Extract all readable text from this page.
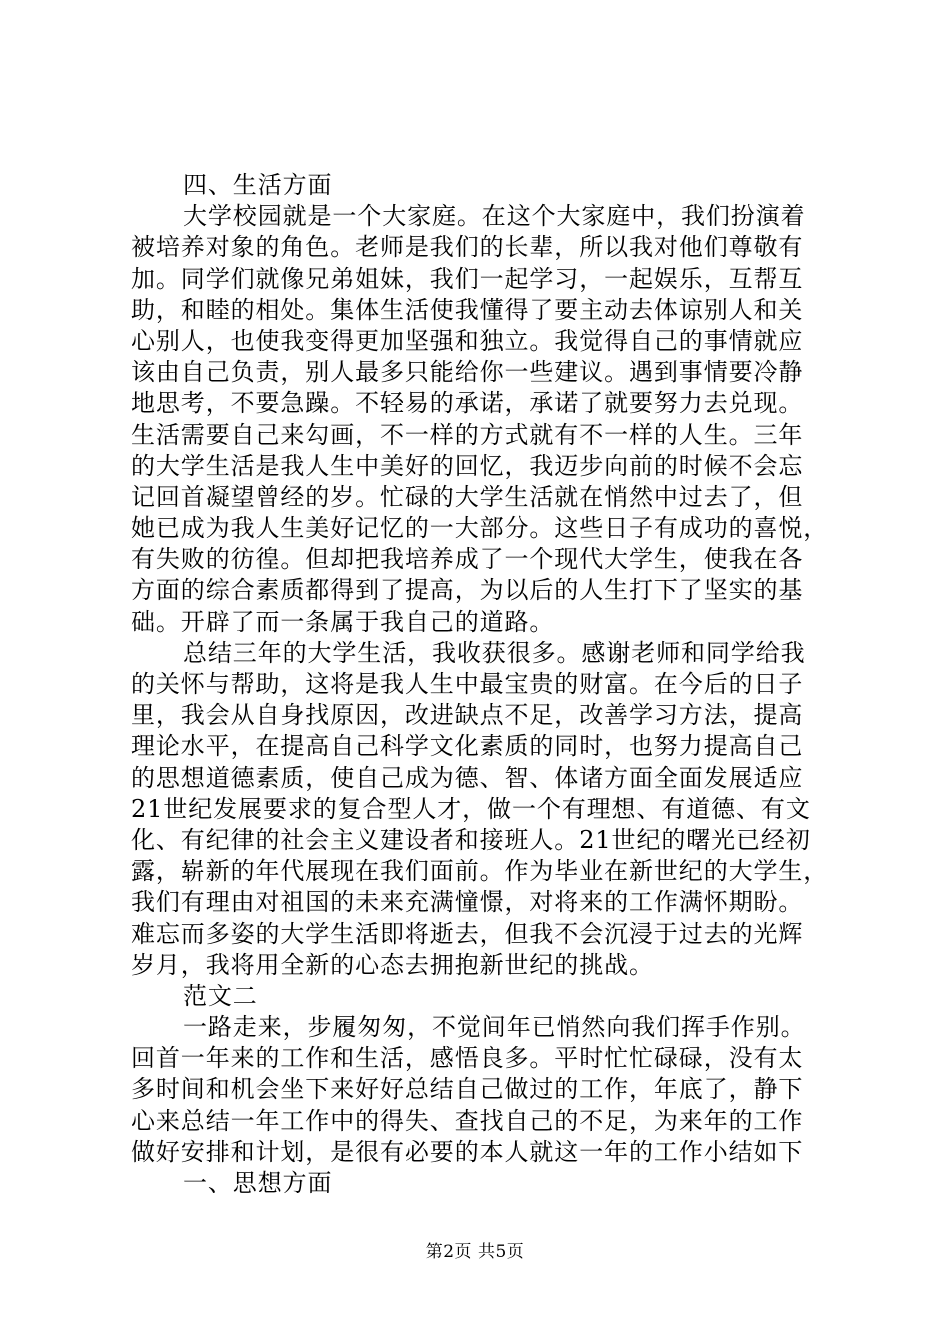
四、生活方面
大学校园就是一个大家庭。在这个大家庭中，我们扮演着
被培养对象的角色。老师是我们的长辈，所以我对他们尊敬有
加。同学们就像兄弟姐妹，我们一起学习，一起娱乐，互帮互
助，和睦的相处。集体生活使我懂得了要主动去体谅别人和关
心别人，也使我变得更加坚强和独立。我觉得自己的事情就应
该由自己负责，别人最多只能给你一些建议。遇到事情要冷静
地思考，不要急躁。不轻易的承诺，承诺了就要努力去兑现。
生活需要自己来勾画，不一样的方式就有不一样的人生。三年
的大学生活是我人生中美好的回忆，我迈步向前的时候不会忘
记回首凝望曾经的岁。忙碌的大学生活就在悄然中过去了，但
她已成为我人生美好记忆的一大部分。这些日子有成功的喜悦，
有失败的彷徨。但却把我培养成了一个现代大学生，使我在各
方面的综合素质都得到了提高，为以后的人生打下了坚实的基
础。开辟了而一条属于我自己的道路。
总结三年的大学生活，我收获很多。感谢老师和同学给我
的关怀与帮助，这将是我人生中最宝贵的财富。在今后的日子
里，我会从自身找原因，改进缺点不足，改善学习方法，提高
理论水平，在提高自己科学文化素质的同时，也努力提高自己
的思想道德素质，使自己成为德、智、体诸方面全面发展适应
21世纪发展要求的复合型人才，做一个有理想、有道德、有文
化、有纪律的社会主义建设者和接班人。21世纪的曙光已经初
露，崭新的年代展现在我们面前。作为毕业在新世纪的大学生，
我们有理由对祖国的未来充满憧憬，对将来的工作满怀期盼。
难忘而多姿的大学生活即将逝去，但我不会沉浸于过去的光辉
岁月，我将用全新的心态去拥抱新世纪的挑战。
范文二
一路走来，步履匆匆，不觉间年已悄然向我们挥手作别。
回首一年来的工作和生活，感悟良多。平时忙忙碌碌，没有太
多时间和机会坐下来好好总结自己做过的工作，年底了，静下
心来总结一年工作中的得失、查找自己的不足，为来年的工作
做好安排和计划，是很有必要的本人就这一年的工作小结如下
一、思想方面
第2页 共5页
